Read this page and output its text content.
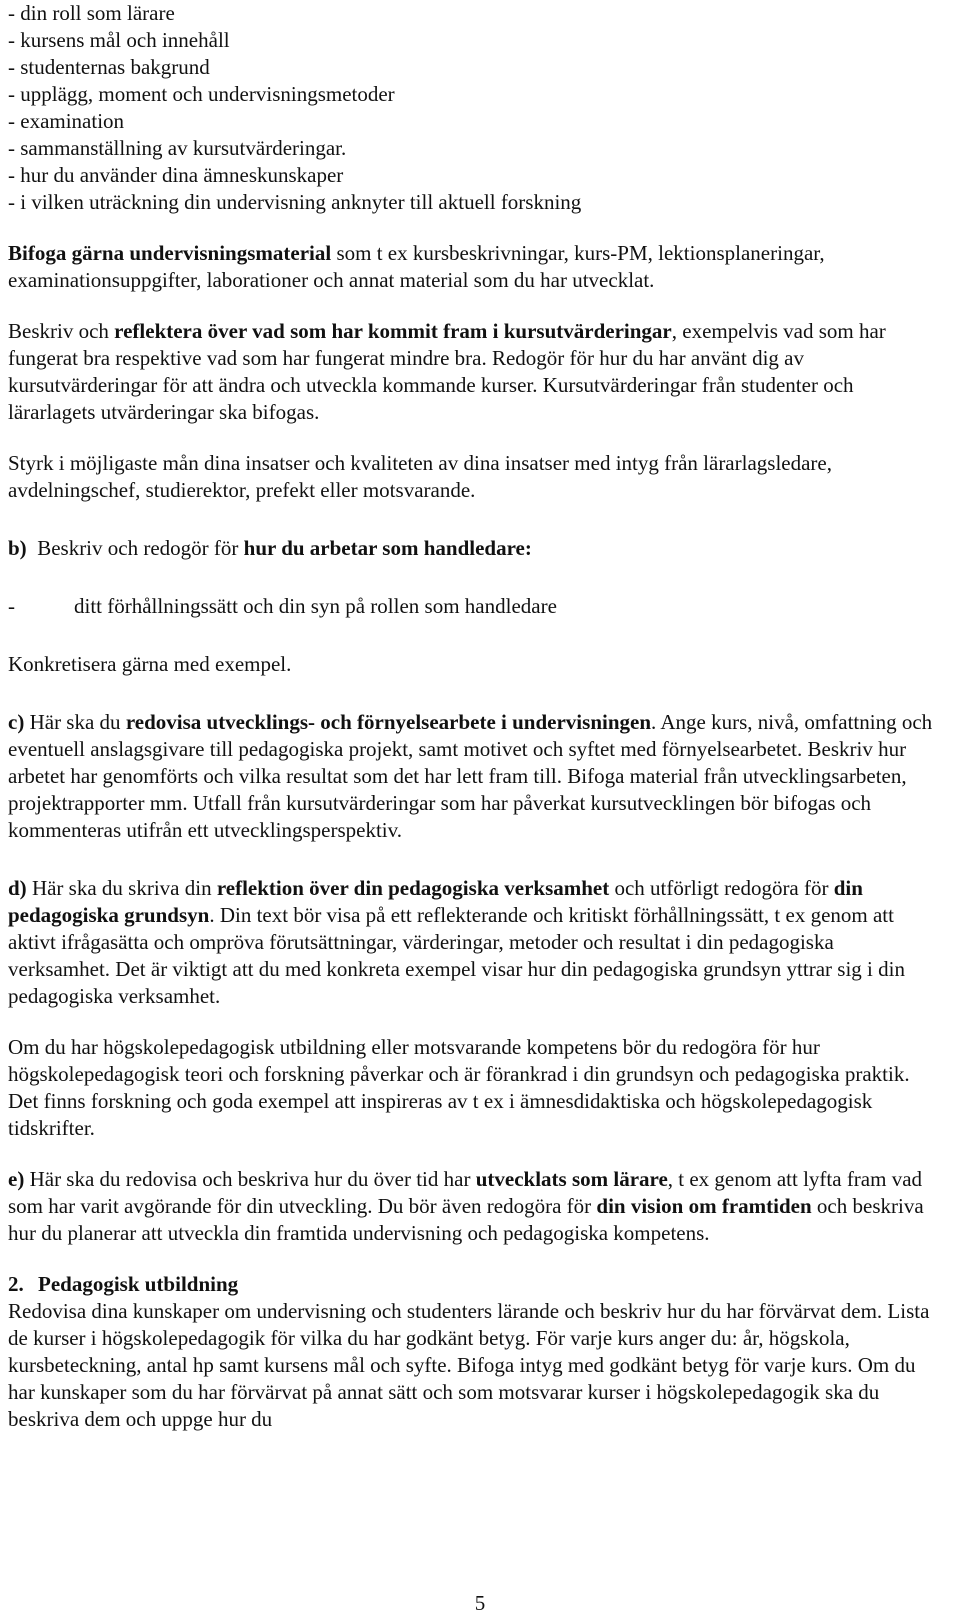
- din roll som lärare
- kursens mål och innehåll
- studenternas bakgrund
- upplägg, moment och undervisningsmetoder
- examination
- sammanställning av kursutvärderingar.
- hur du använder dina ämneskunskaper
- i vilken uträckning din undervisning anknyter till aktuell forskning

Bifoga gärna undervisningsmaterial som t ex kursbeskrivningar, kurs-PM, lektionsplaneringar, examinationsuppgifter, laborationer och annat material som du har utvecklat.

Beskriv och reflektera över vad som har kommit fram i kursutvärderingar, exempelvis vad som har fungerat bra respektive vad som har fungerat mindre bra. Redogör för hur du har använt dig av kursutvärderingar för att ändra och utveckla kommande kurser. Kursutvärderingar från studenter och lärarlagets utvärderingar ska bifogas.

Styrk i möjligaste mån dina insatser och kvaliteten av dina insatser med intyg från lärarlagsledare, avdelningschef, studierektor, prefekt eller motsvarande.

b)  Beskriv och redogör för hur du arbetar som handledare:

-	ditt förhållningssätt och din syn på rollen som handledare

Konkretisera gärna med exempel.

c) Här ska du redovisa utvecklings- och förnyelsearbete i undervisningen. Ange kurs, nivå, omfattning och eventuell anslagsgivare till pedagogiska projekt, samt motivet och syftet med förnyelsearbetet. Beskriv hur arbetet har genomförts och vilka resultat som det har lett fram till. Bifoga material från utvecklingsarbeten, projektrapporter mm. Utfall från kursutvärderingar som har påverkat kursutvecklingen bör bifogas och kommenteras utifrån ett utvecklingsperspektiv.

d) Här ska du skriva din reflektion över din pedagogiska verksamhet och utförligt redogöra för din pedagogiska grundsyn. Din text bör visa på ett reflekterande och kritiskt förhållningssätt, t ex genom att aktivt ifrågasätta och ompröva förutsättningar, värderingar, metoder och resultat i din pedagogiska verksamhet. Det är viktigt att du med konkreta exempel visar hur din pedagogiska grundsyn yttrar sig i din pedagogiska verksamhet.

Om du har högskolepedagogisk utbildning eller motsvarande kompetens bör du redogöra för hur högskolepedagogisk teori och forskning påverkar och är förankrad i din grundsyn och pedagogiska praktik. Det finns forskning och goda exempel att inspireras av t ex i ämnesdidaktiska och högskolepedagogisk tidskrifter.

e) Här ska du redovisa och beskriva hur du över tid har utvecklats som lärare, t ex genom att lyfta fram vad som har varit avgörande för din utveckling. Du bör även redogöra för din vision om framtiden och beskriva hur du planerar att utveckla din framtida undervisning och pedagogiska kompetens.

2. Pedagogisk utbildning

Redovisa dina kunskaper om undervisning och studenters lärande och beskriv hur du har förvärvat dem. Lista de kurser i högskolepedagogik för vilka du har godkänt betyg. För varje kurs anger du: år, högskola, kursbeteckning, antal hp samt kursens mål och syfte. Bifoga intyg med godkänt betyg för varje kurs. Om du har kunskaper som du har förvärvat på annat sätt och som motsvarar kurser i högskolepedagogik ska du beskriva dem och uppge hur du

5
